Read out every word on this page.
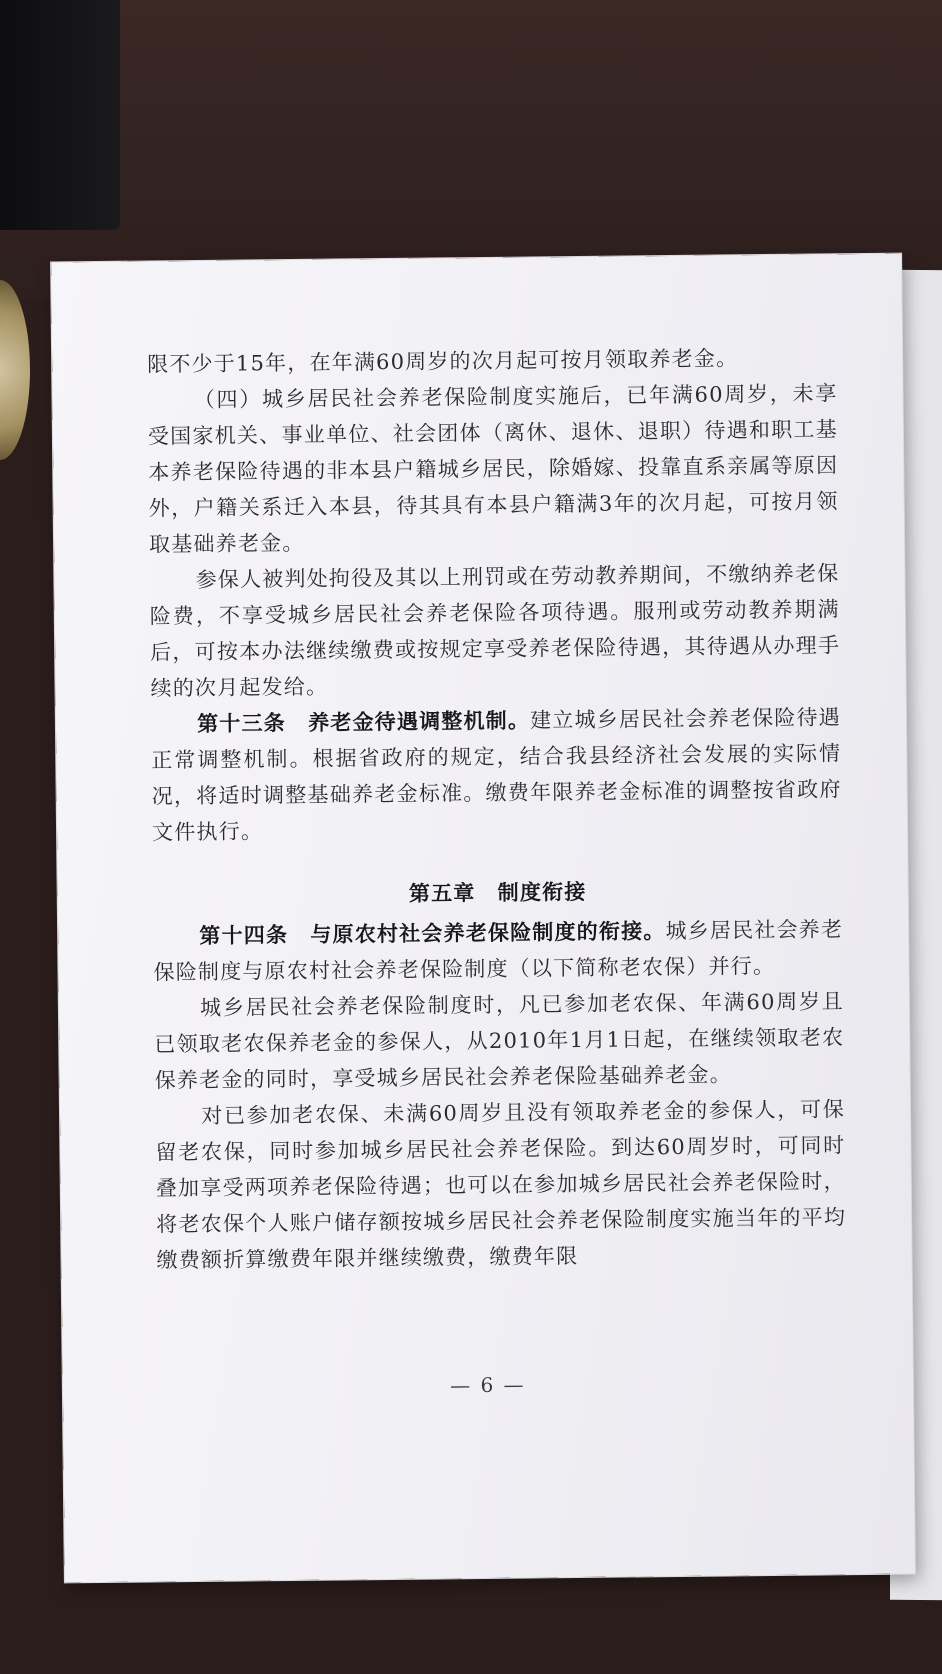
限不少于15年，在年满60周岁的次月起可按月领取养老金。

（四）城乡居民社会养老保险制度实施后，已年满60周岁，未享受国家机关、事业单位、社会团体（离休、退休、退职）待遇和职工基本养老保险待遇的非本县户籍城乡居民，除婚嫁、投靠直系亲属等原因外，户籍关系迁入本县，待其具有本县户籍满3年的次月起，可按月领取基础养老金。

参保人被判处拘役及其以上刑罚或在劳动教养期间，不缴纳养老保险费，不享受城乡居民社会养老保险各项待遇。服刑或劳动教养期满后，可按本办法继续缴费或按规定享受养老保险待遇，其待遇从办理手续的次月起发给。

第十三条　养老金待遇调整机制。建立城乡居民社会养老保险待遇正常调整机制。根据省政府的规定，结合我县经济社会发展的实际情况，将适时调整基础养老金标准。缴费年限养老金标准的调整按省政府文件执行。

第五章　制度衔接

第十四条　与原农村社会养老保险制度的衔接。城乡居民社会养老保险制度与原农村社会养老保险制度（以下简称老农保）并行。

城乡居民社会养老保险制度时，凡已参加老农保、年满60周岁且已领取老农保养老金的参保人，从2010年1月1日起，在继续领取老农保养老金的同时，享受城乡居民社会养老保险基础养老金。

对已参加老农保、未满60周岁且没有领取养老金的参保人，可保留老农保，同时参加城乡居民社会养老保险。到达60周岁时，可同时叠加享受两项养老保险待遇；也可以在参加城乡居民社会养老保险时，将老农保个人账户储存额按城乡居民社会养老保险制度实施当年的平均缴费额折算缴费年限并继续缴费，缴费年限

— 6 —
